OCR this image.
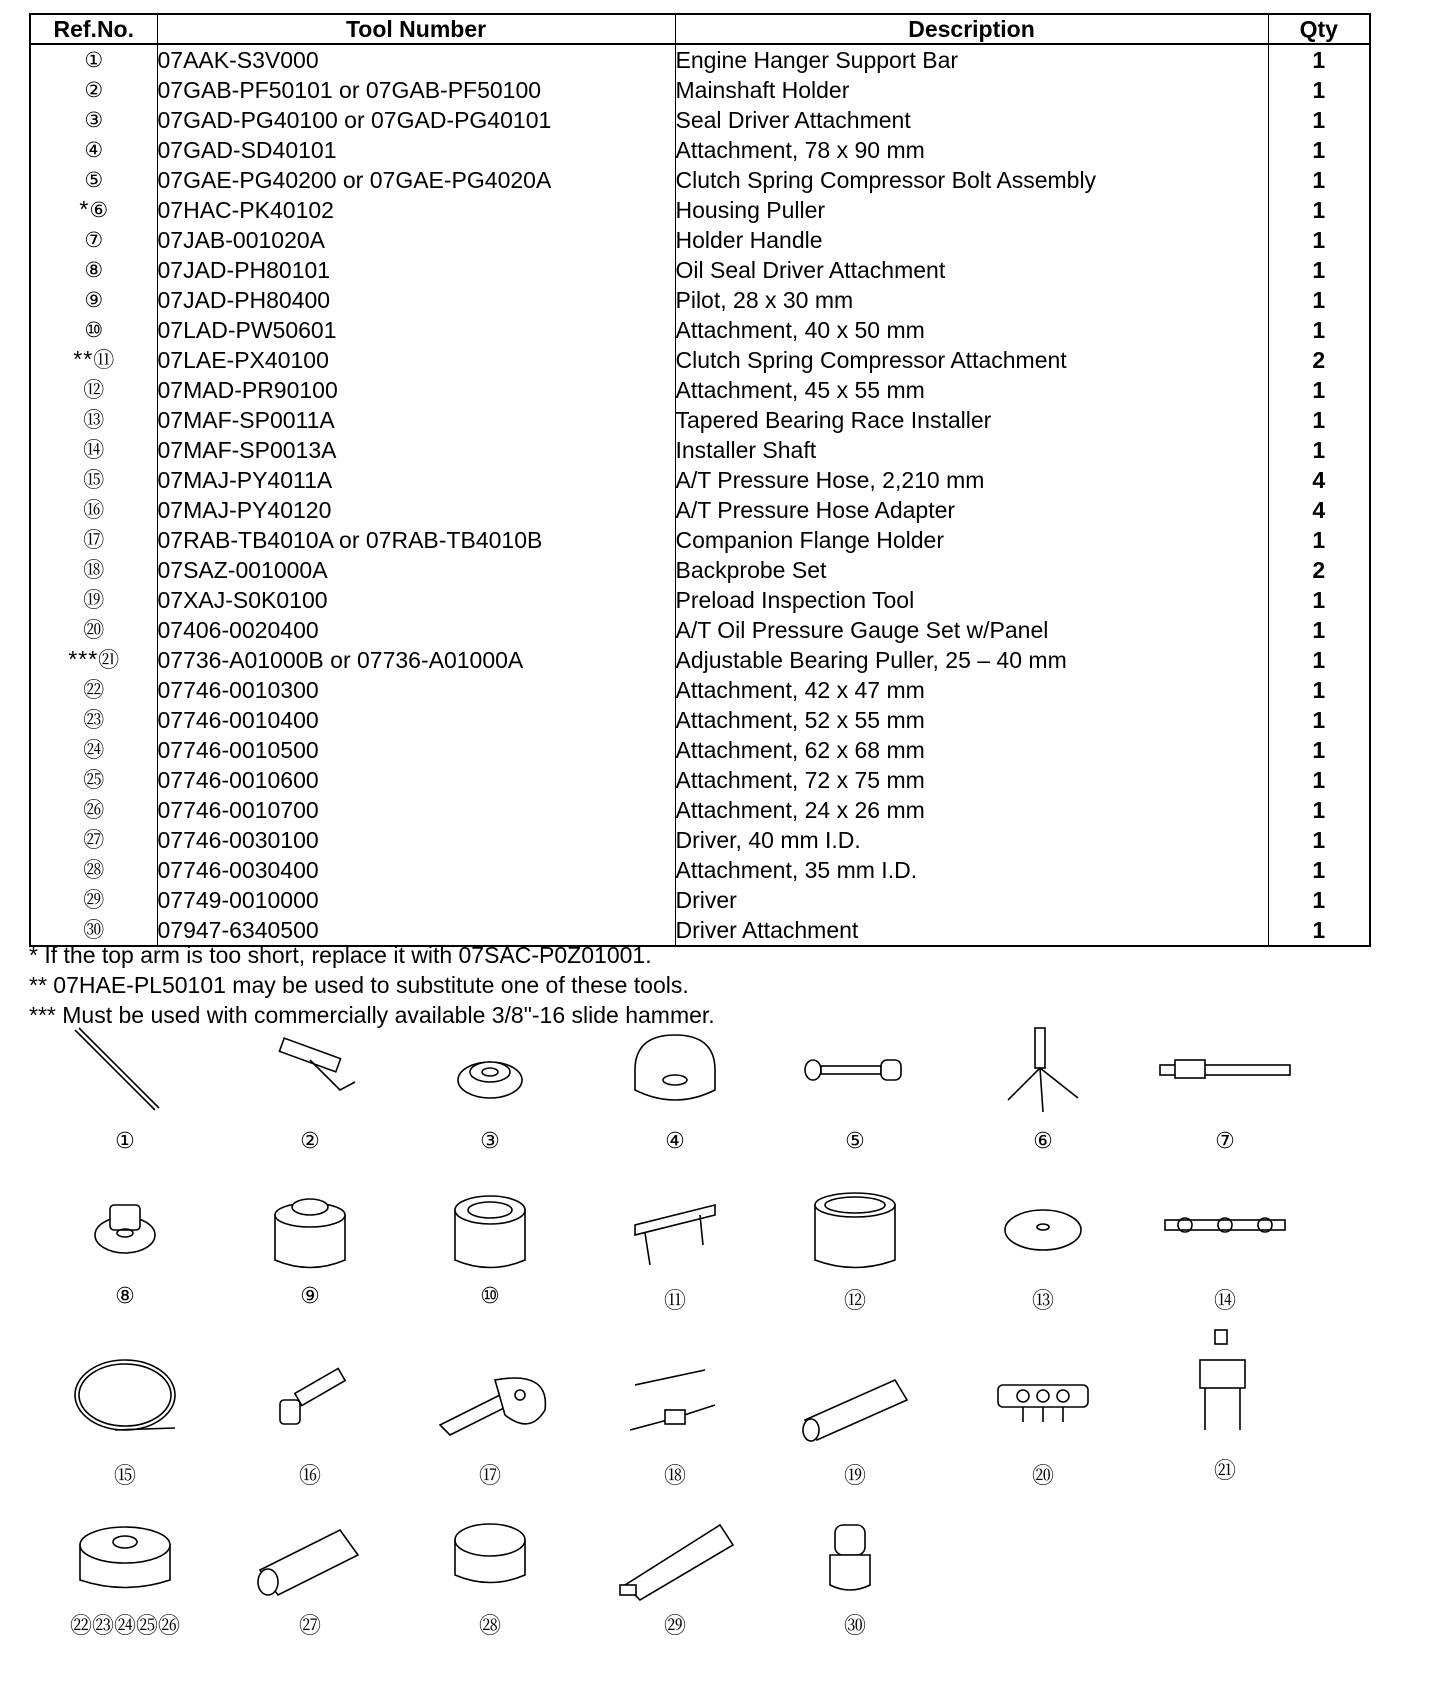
Ref.No.	Tool Number	Description	Qty
①	07AAK-S3V000	Engine Hanger Support Bar	1
②	07GAB-PF50101 or 07GAB-PF50100	Mainshaft Holder	1
③	07GAD-PG40100 or 07GAD-PG40101	Seal Driver Attachment	1
④	07GAD-SD40101	Attachment, 78 x 90 mm	1
⑤	07GAE-PG40200 or 07GAE-PG4020A	Clutch Spring Compressor Bolt Assembly	1
*⑥	07HAC-PK40102	Housing Puller	1
⑦	07JAB-001020A	Holder Handle	1
⑧	07JAD-PH80101	Oil Seal Driver Attachment	1
⑨	07JAD-PH80400	Pilot, 28 x 30 mm	1
⑩	07LAD-PW50601	Attachment, 40 x 50 mm	1
**⑪	07LAE-PX40100	Clutch Spring Compressor Attachment	2
⑫	07MAD-PR90100	Attachment, 45 x 55 mm	1
⑬	07MAF-SP0011A	Tapered Bearing Race Installer	1
⑭	07MAF-SP0013A	Installer Shaft	1
⑮	07MAJ-PY4011A	A/T Pressure Hose, 2,210 mm	4
⑯	07MAJ-PY40120	A/T Pressure Hose Adapter	4
⑰	07RAB-TB4010A or 07RAB-TB4010B	Companion Flange Holder	1
⑱	07SAZ-001000A	Backprobe Set	2
⑲	07XAJ-S0K0100	Preload Inspection Tool	1
⑳	07406-0020400	A/T Oil Pressure Gauge Set w/Panel	1
***㉑	07736-A01000B or 07736-A01000A	Adjustable Bearing Puller, 25 – 40 mm	1
㉒	07746-0010300	Attachment, 42 x 47 mm	1
㉓	07746-0010400	Attachment, 52 x 55 mm	1
㉔	07746-0010500	Attachment, 62 x 68 mm	1
㉕	07746-0010600	Attachment, 72 x 75 mm	1
㉖	07746-0010700	Attachment, 24 x 26 mm	1
㉗	07746-0030100	Driver, 40 mm I.D.	1
㉘	07746-0030400	Attachment, 35 mm I.D.	1
㉙	07749-0010000	Driver	1
㉚	07947-6340500	Driver Attachment	1
* If the top arm is too short, replace it with 07SAC-P0Z01001.
** 07HAE-PL50101 may be used to substitute one of these tools.
*** Must be used with commercially available 3/8"-16 slide hammer.
①	②	③	④	⑤	⑥	⑦
⑧	⑨	⑩	⑪	⑫	⑬	⑭
⑮	⑯	⑰	⑱	⑲	⑳	㉑
㉒㉓㉔㉕㉖	㉗	㉘	㉙	㉚
